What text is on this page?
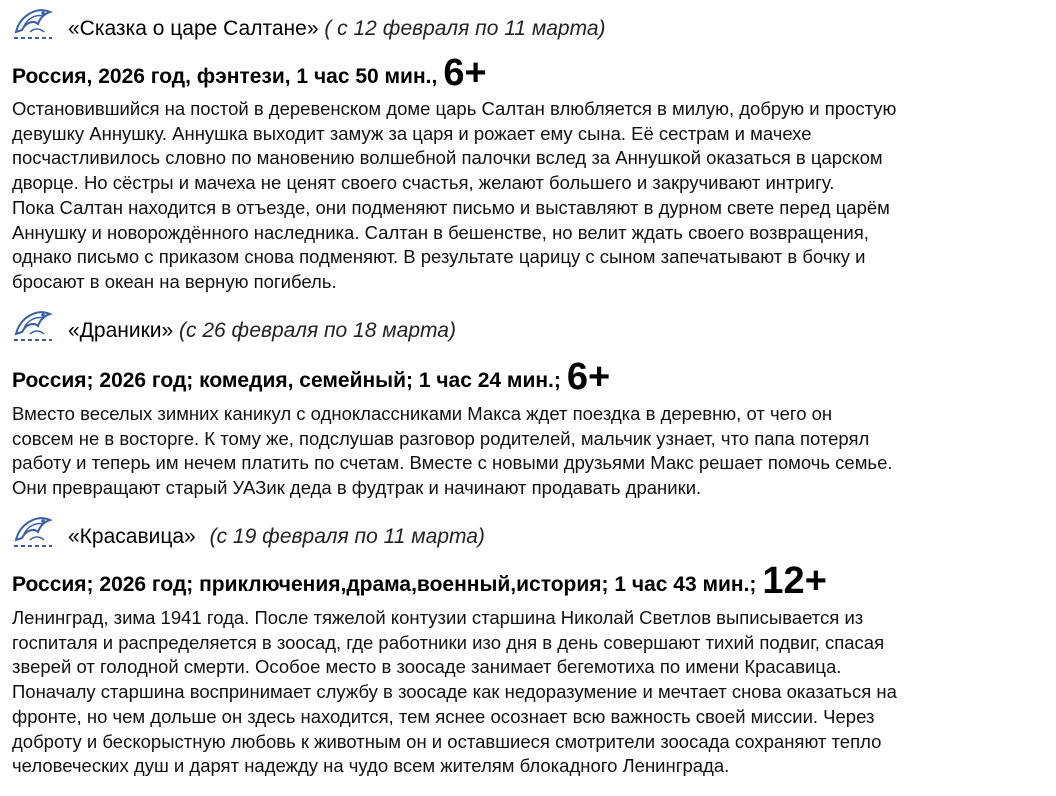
«Сказка о царе Салтане» ( с 12 февраля по 11 марта)
Россия, 2026 год, фэнтези, 1 час 50 мин., 6+

Остановившийся на постой в деревенском доме царь Салтан влюбляется в милую, добрую и простую

девушку Аннушку. Аннушка выходит замуж за царя и рожает ему сына. Её сестрам и мачехе

посчастливилось словно по мановению волшебной палочки вслед за Аннушкой оказаться в царском

дворце. Но сёстры и мачеха не ценят своего счастья, желают большего и закручивают интригу.

Пока Салтан находится в отъезде, они подменяют письмо и выставляют в дурном свете перед царём

Аннушку и новорождённого наследника. Салтан в бешенстве, но велит ждать своего возвращения,

однако письмо с приказом снова подменяют. В результате царицу с сыном запечатывают в бочку и

бросают в океан на верную погибель.

«Драники» (с 26 февраля по 18 марта)
Россия; 2026 год; комедия, семейный; 1 час 24 мин.; 6+

Вместо веселых зимних каникул с одноклассниками Макса ждет поездка в деревню, от чего он

совсем не в восторге. К тому же, подслушав разговор родителей, мальчик узнает, что папа потерял

работу и теперь им нечем платить по счетам. Вместе с новыми друзьями Макс решает помочь семье.

Они превращают старый УАЗик деда в фудтрак и начинают продавать драники.

«Красавица» (с 19 февраля по 11 марта)
Россия; 2026 год; приключения,драма,военный,история; 1 час 43 мин.; 12+

Ленинград, зима 1941 года. После тяжелой контузии старшина Николай Светлов выписывается из

госпиталя и распределяется в зоосад, где работники изо дня в день совершают тихий подвиг, спасая

зверей от голодной смерти. Особое место в зоосаде занимает бегемотиха по имени Красавица.

Поначалу старшина воспринимает службу в зоосаде как недоразумение и мечтает снова оказаться на

фронте, но чем дольше он здесь находится, тем яснее осознает всю важность своей миссии. Через

доброту и бескорыстную любовь к животным он и оставшиеся смотрители зоосада сохраняют тепло

человеческих душ и дарят надежду на чудо всем жителям блокадного Ленинграда.
